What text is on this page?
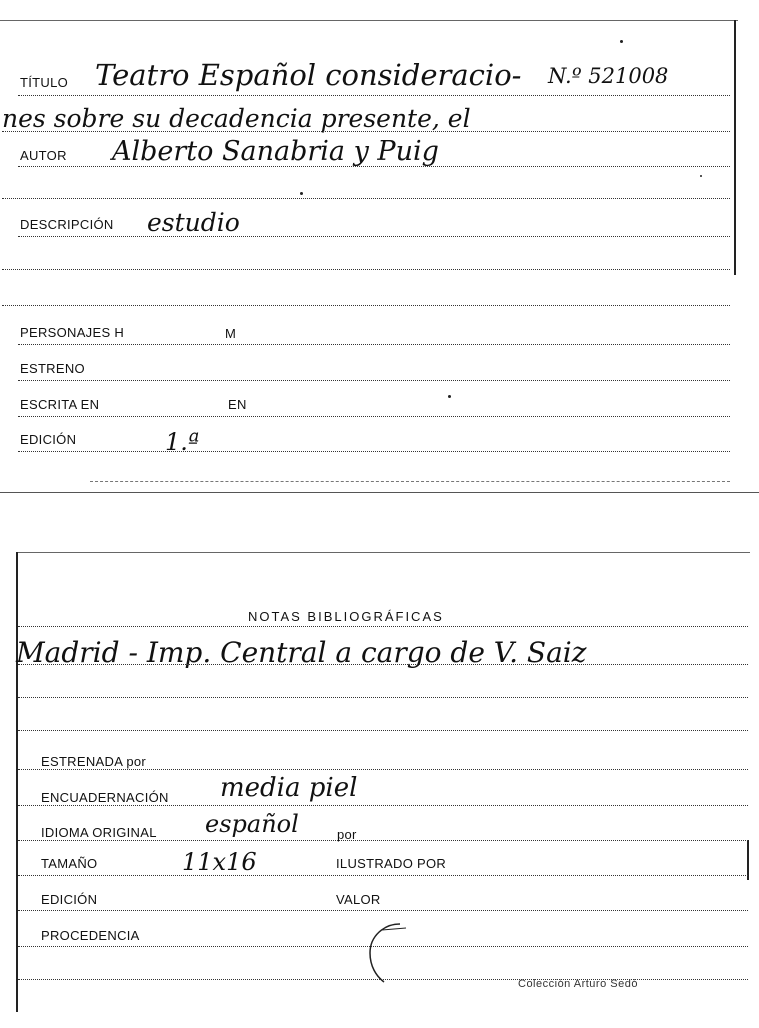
TÍTULO Teatro Español consideracio- N.º 521008
nes sobre su decadencia presente, el
AUTOR Alberto Sanabria y Puig
DESCRIPCIÓN estudio
PERSONAJES H	M
ESTRENO
ESCRITA EN	EN
EDICIÓN	1.ª
NOTAS BIBLIOGRÁFICAS
Madrid - Imp. Central a cargo de V. Saiz
ESTRENADA por
ENCUADERNACIÓN media piel
IDIOMA ORIGINAL español	por
TAMAÑO	11x16	ILUSTRADO POR
EDICIÓN	VALOR
PROCEDENCIA
Colección Arturo Sedó
